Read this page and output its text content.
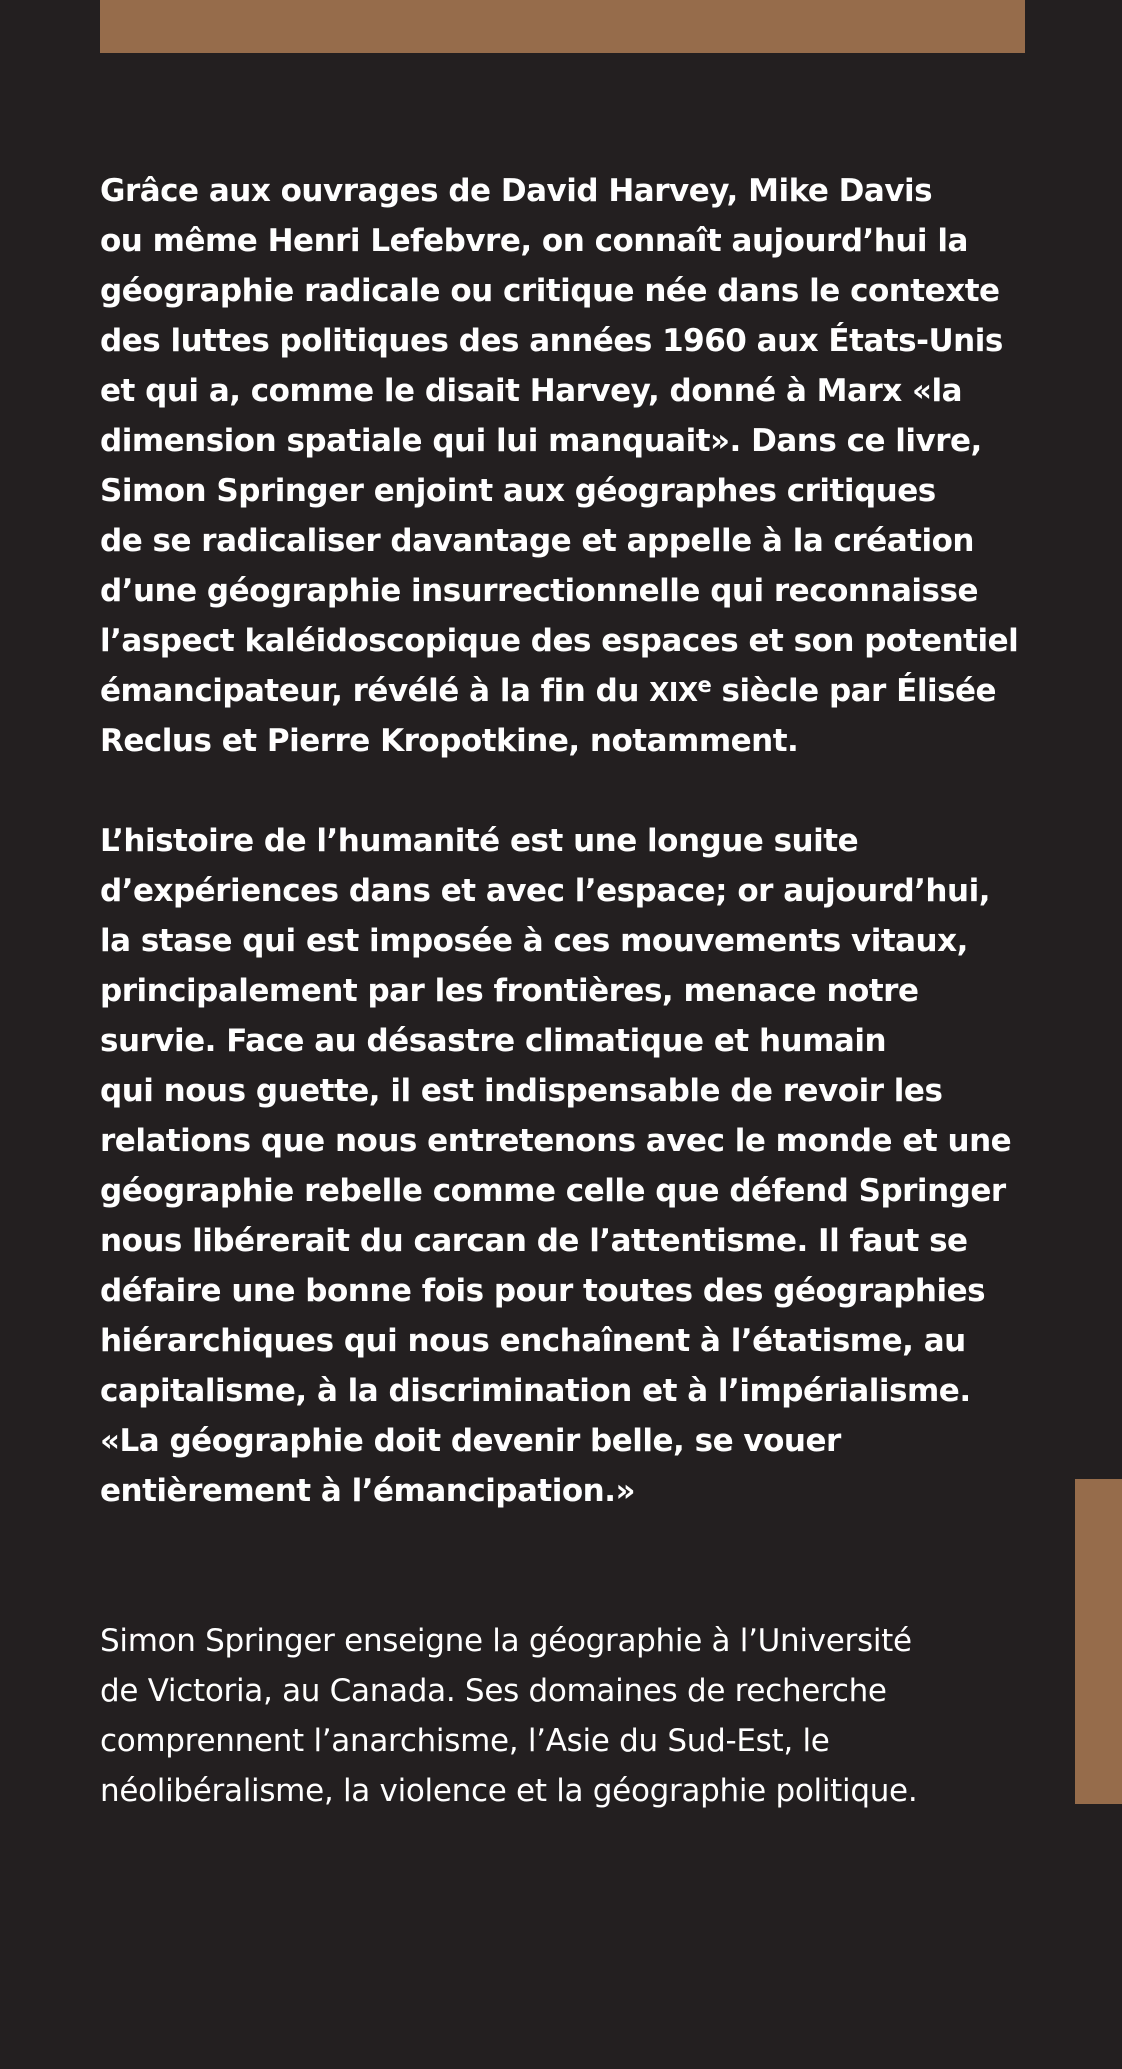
Grâce aux ouvrages de David Harvey, Mike Davis
ou même Henri Lefebvre, on connaît aujourd’hui la
géographie radicale ou critique née dans le contexte
des luttes politiques des années 1960 aux États-Unis
et qui a, comme le disait Harvey, donné à Marx «la
dimension spatiale qui lui manquait». Dans ce livre,
Simon Springer enjoint aux géographes critiques
de se radicaliser davantage et appelle à la création
d’une géographie insurrectionnelle qui reconnaisse
l’aspect kaléidoscopique des espaces et son potentiel
émancipateur, révélé à la fin du XIXe siècle par Élisée
Reclus et Pierre Kropotkine, notamment.
L’histoire de l’humanité est une longue suite
d’expériences dans et avec l’espace; or aujourd’hui,
la stase qui est imposée à ces mouvements vitaux,
principalement par les frontières, menace notre
survie. Face au désastre climatique et humain
qui nous guette, il est indispensable de revoir les
relations que nous entretenons avec le monde et une
géographie rebelle comme celle que défend Springer
nous libérerait du carcan de l’attentisme. Il faut se
défaire une bonne fois pour toutes des géographies
hiérarchiques qui nous enchaînent à l’étatisme, au
capitalisme, à la discrimination et à l’impérialisme.
«La géographie doit devenir belle, se vouer
entièrement à l’émancipation.»
Simon Springer enseigne la géographie à l’Université
de Victoria, au Canada. Ses domaines de recherche
comprennent l’anarchisme, l’Asie du Sud-Est, le
néolibéralisme, la violence et la géographie politique.
